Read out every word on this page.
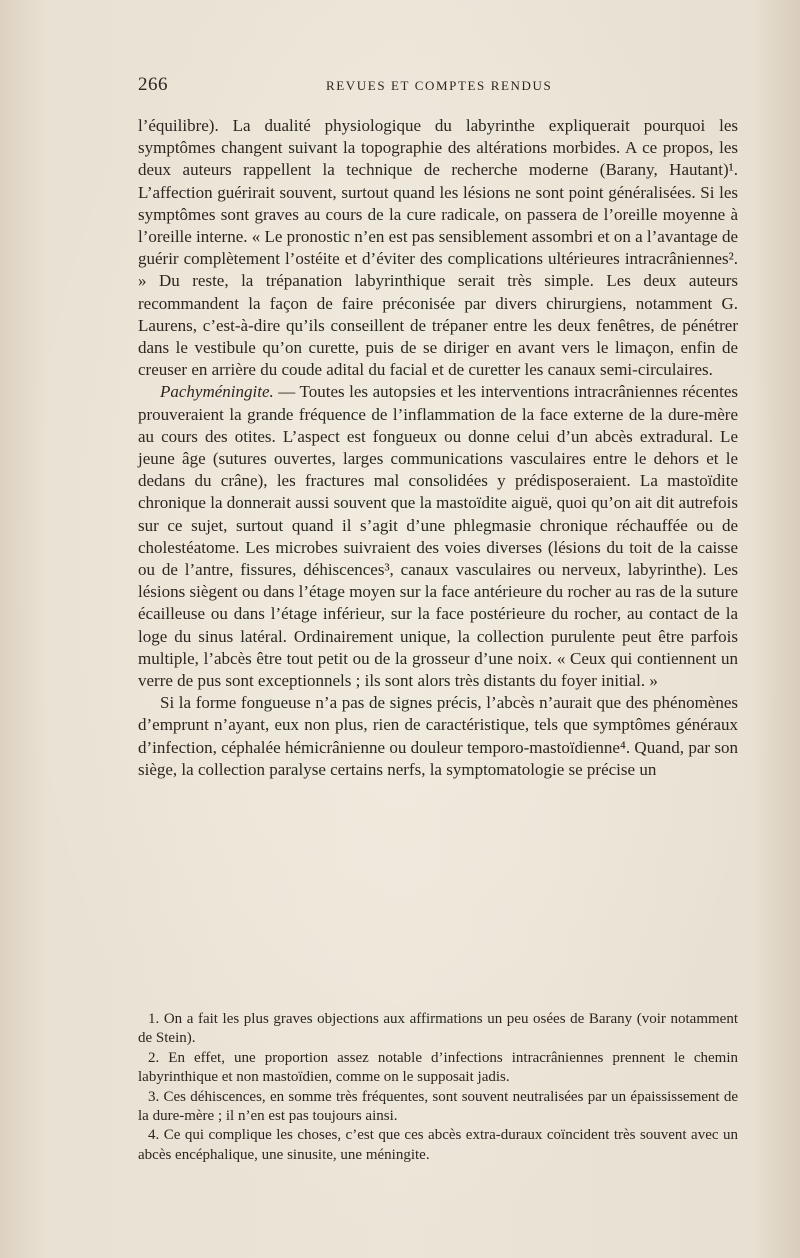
266	REVUES ET COMPTES RENDUS

l’équilibre). La dualité physiologique du labyrinthe expliquerait pourquoi les symptômes changent suivant la topographie des altérations morbides. A ce propos, les deux auteurs rappellent la technique de recherche moderne (Barany, Hautant)¹. L’affection guérirait souvent, surtout quand les lésions ne sont point généralisées. Si les symptômes sont graves au cours de la cure radicale, on passera de l’oreille moyenne à l’oreille interne. « Le pronostic n’en est pas sensiblement assombri et on a l’avantage de guérir complètement l’ostéite et d’éviter des complications ultérieures intracrâniennes². » Du reste, la trépanation labyrinthique serait très simple. Les deux auteurs recommandent la façon de faire préconisée par divers chirurgiens, notamment G. Laurens, c’est-à-dire qu’ils conseillent de trépaner entre les deux fenêtres, de pénétrer dans le vestibule qu’on curette, puis de se diriger en avant vers le limaçon, enfin de creuser en arrière du coude adital du facial et de curetter les canaux semi-circulaires.

Pachyméningite. — Toutes les autopsies et les interventions intracrâniennes récentes prouveraient la grande fréquence de l’inflammation de la face externe de la dure-mère au cours des otites. L’aspect est fongueux ou donne celui d’un abcès extradural. Le jeune âge (sutures ouvertes, larges communications vasculaires entre le dehors et le dedans du crâne), les fractures mal consolidées y prédisposeraient. La mastoïdite chronique la donnerait aussi souvent que la mastoïdite aiguë, quoi qu’on ait dit autrefois sur ce sujet, surtout quand il s’agit d’une phlegmasie chronique réchauffée ou de cholestéatome. Les microbes suivraient des voies diverses (lésions du toit de la caisse ou de l’antre, fissures, déhiscences³, canaux vasculaires ou nerveux, labyrinthe). Les lésions siègent ou dans l’étage moyen sur la face antérieure du rocher au ras de la suture écailleuse ou dans l’étage inférieur, sur la face postérieure du rocher, au contact de la loge du sinus latéral. Ordinairement unique, la collection purulente peut être parfois multiple, l’abcès être tout petit ou de la grosseur d’une noix. « Ceux qui contiennent un verre de pus sont exceptionnels ; ils sont alors très distants du foyer initial. »

Si la forme fongueuse n’a pas de signes précis, l’abcès n’aurait que des phénomènes d’emprunt n’ayant, eux non plus, rien de caractéristique, tels que symptômes généraux d’infection, céphalée hémicrânienne ou douleur temporo-mastoïdienne⁴. Quand, par son siège, la collection paralyse certains nerfs, la symptomatologie se précise un

1. On a fait les plus graves objections aux affirmations un peu osées de Barany (voir notamment de Stein).

2. En effet, une proportion assez notable d’infections intracrâniennes prennent le chemin labyrinthique et non mastoïdien, comme on le supposait jadis.

3. Ces déhiscences, en somme très fréquentes, sont souvent neutralisées par un épaississement de la dure-mère ; il n’en est pas toujours ainsi.

4. Ce qui complique les choses, c’est que ces abcès extra-duraux coïncident très souvent avec un abcès encéphalique, une sinusite, une méningite.
